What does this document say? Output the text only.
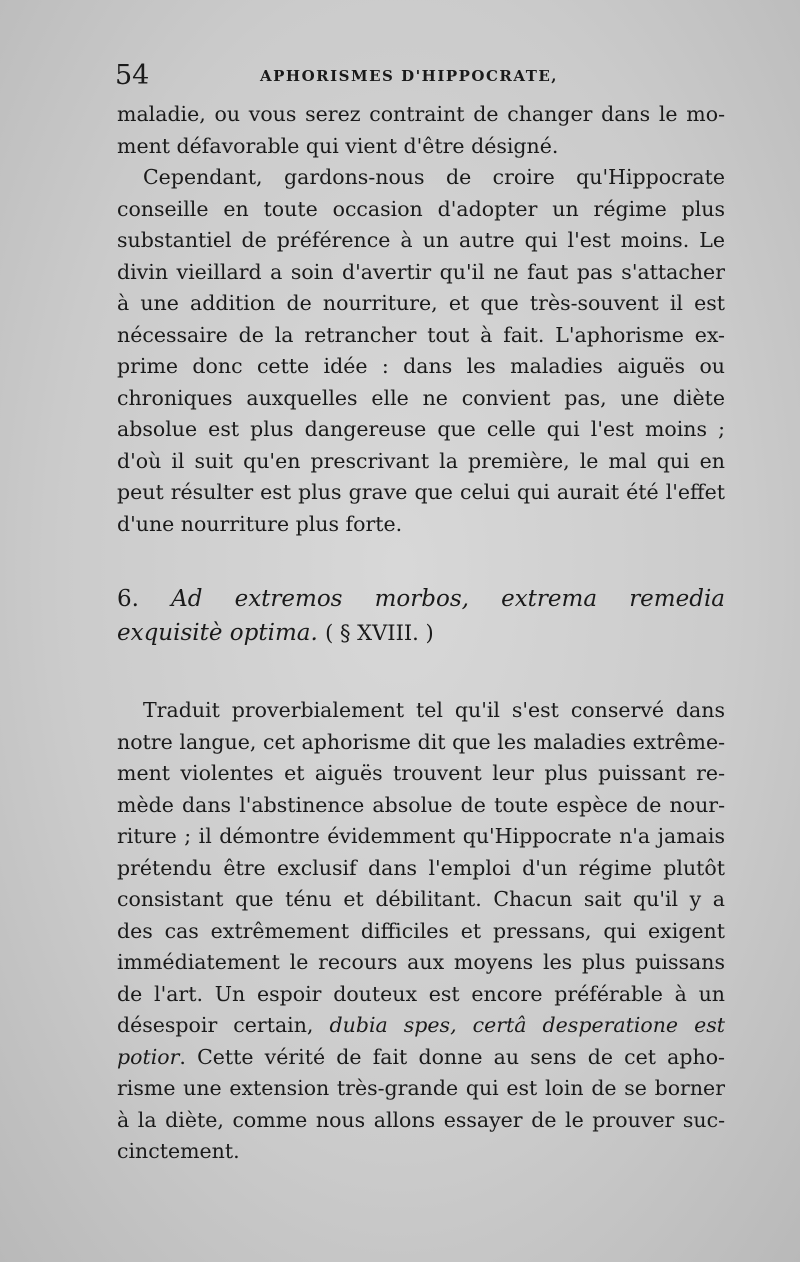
54	APHORISMES D'HIPPOCRATE,
maladie, ou vous serez contraint de changer dans le mo-
ment défavorable qui vient d'être désigné.
Cependant, gardons-nous de croire qu'Hippocrate
conseille en toute occasion d'adopter un régime plus
substantiel de préférence à un autre qui l'est moins. Le
divin vieillard a soin d'avertir qu'il ne faut pas s'attacher
à une addition de nourriture, et que très-souvent il est
nécessaire de la retrancher tout à fait. L'aphorisme ex-
prime donc cette idée : dans les maladies aiguës ou
chroniques auxquelles elle ne convient pas, une diète
absolue est plus dangereuse que celle qui l'est moins ;
d'où il suit qu'en prescrivant la première, le mal qui en
peut résulter est plus grave que celui qui aurait été l'effet
d'une nourriture plus forte.
6. Ad extremos morbos, extrema remedia
exquisitè optima. ( § XVIII. )
Traduit proverbialement tel qu'il s'est conservé dans
notre langue, cet aphorisme dit que les maladies extrême-
ment violentes et aiguës trouvent leur plus puissant re-
mède dans l'abstinence absolue de toute espèce de nour-
riture ; il démontre évidemment qu'Hippocrate n'a jamais
prétendu être exclusif dans l'emploi d'un régime plutôt
consistant que ténu et débilitant. Chacun sait qu'il y a
des cas extrêmement difficiles et pressans, qui exigent
immédiatement le recours aux moyens les plus puissans
de l'art. Un espoir douteux est encore préférable à un
désespoir certain, dubia spes, certâ desperatione est
potior. Cette vérité de fait donne au sens de cet apho-
risme une extension très-grande qui est loin de se borner
à la diète, comme nous allons essayer de le prouver suc-
cinctement.
